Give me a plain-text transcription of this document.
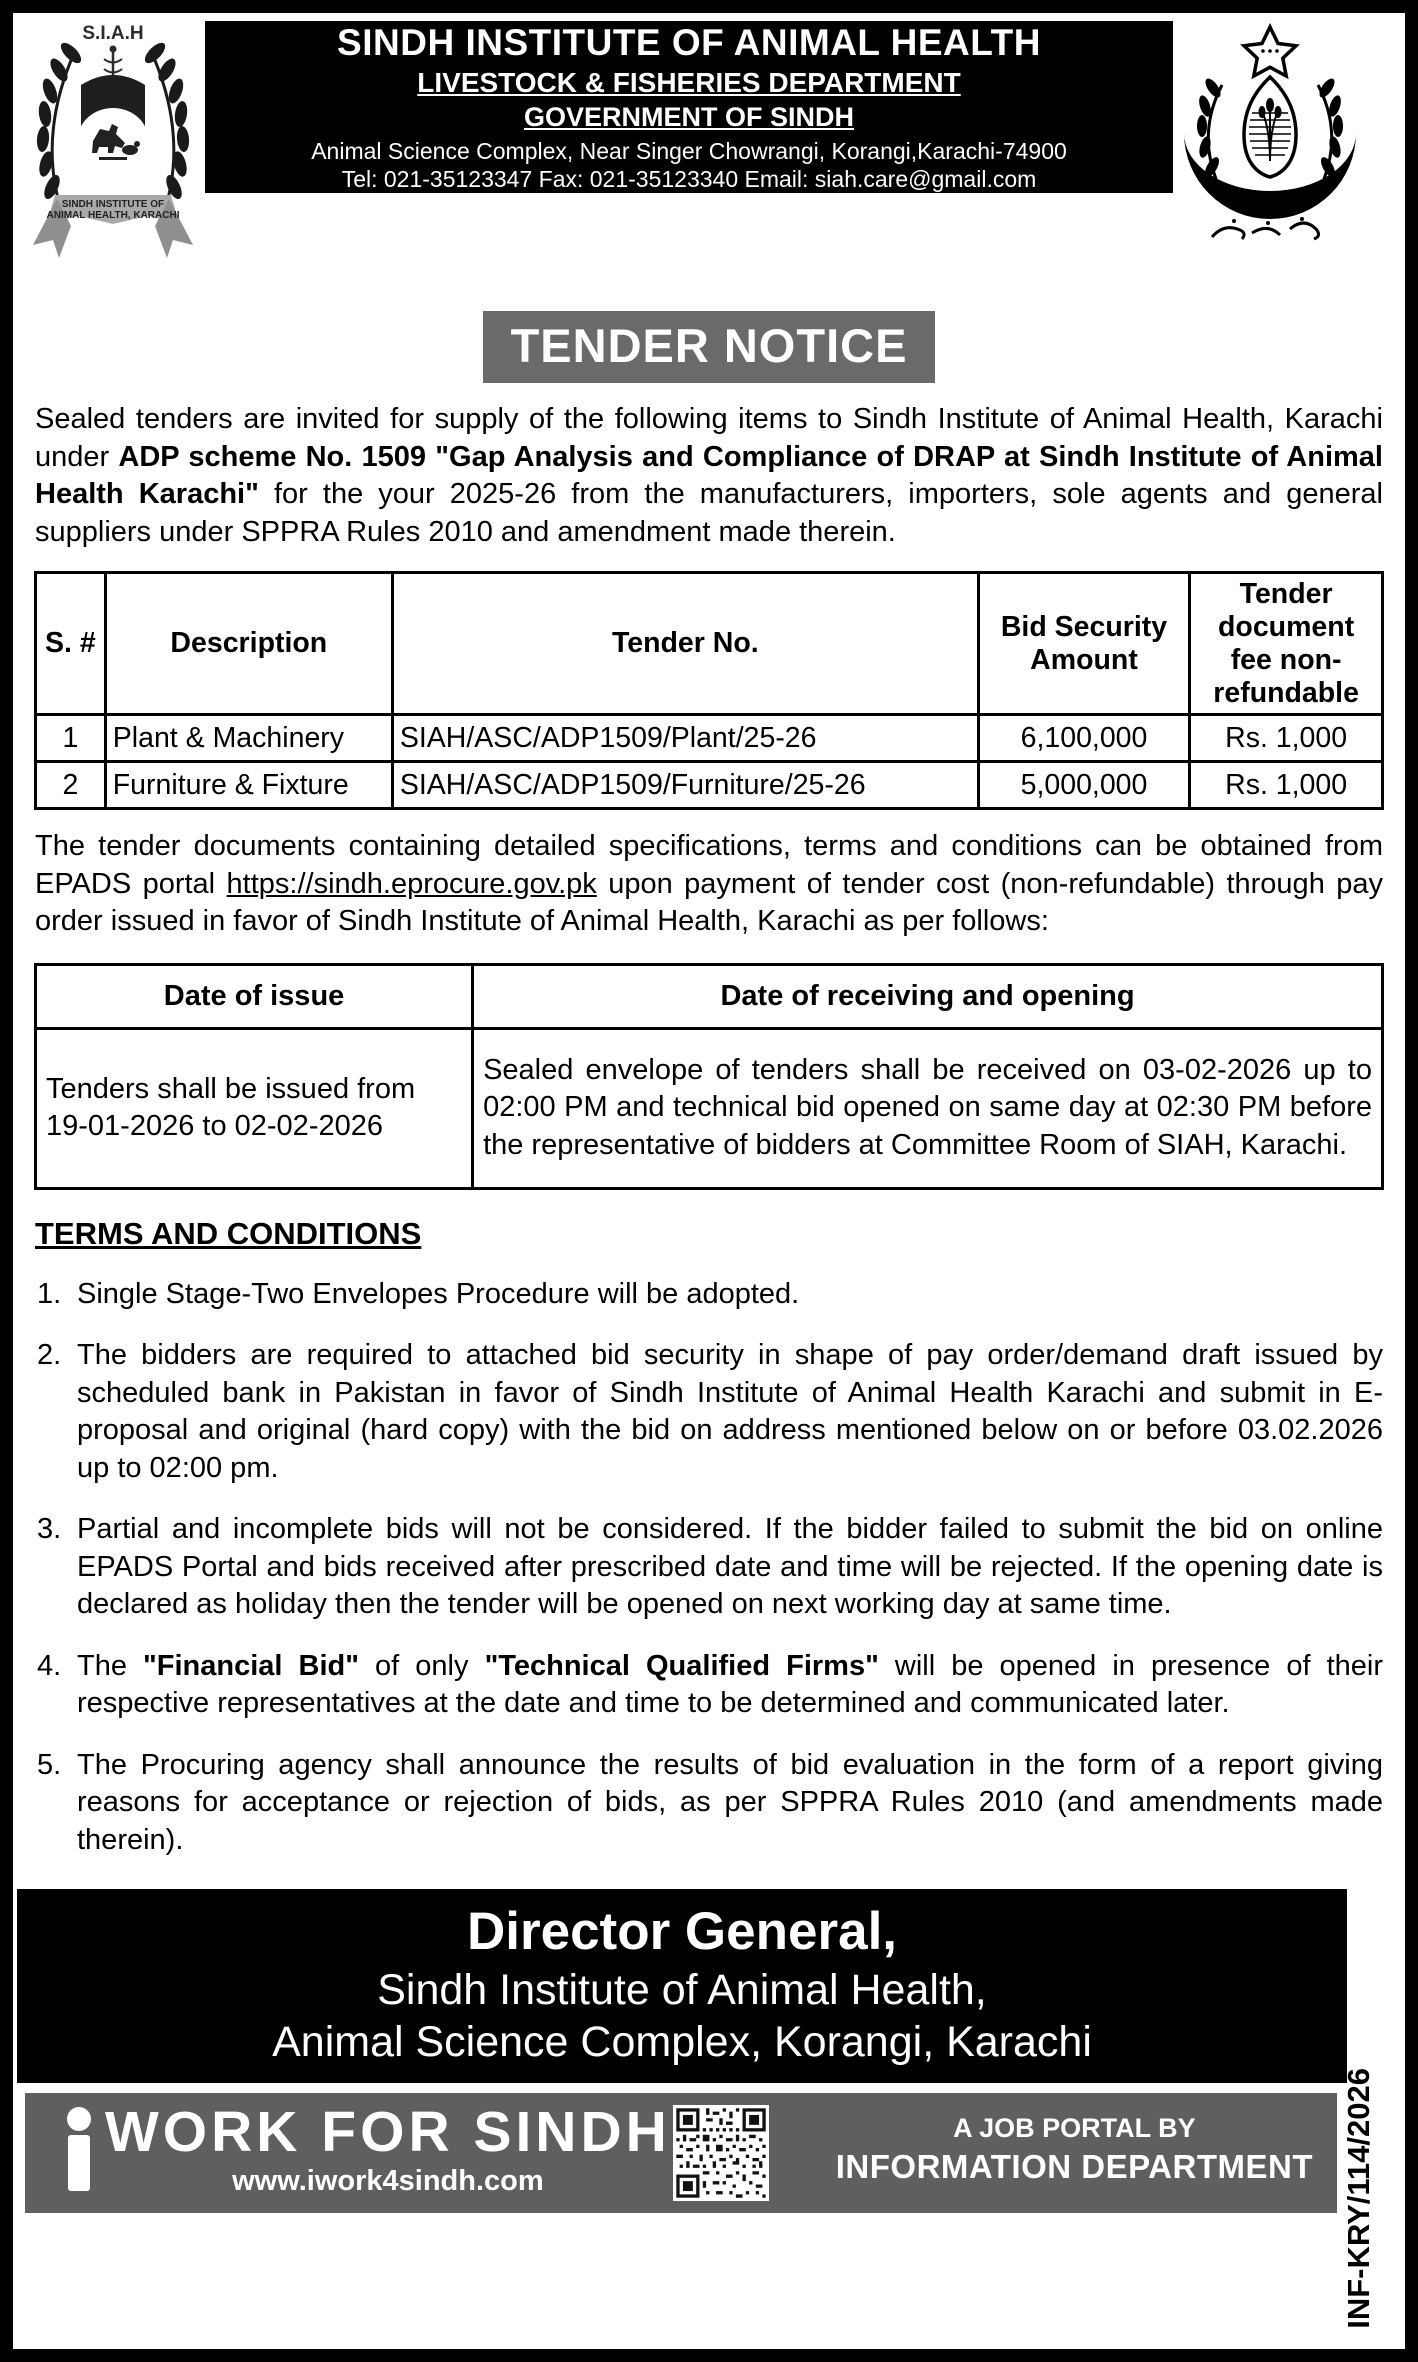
S.I.A.H
SINDH INSTITUTE OF
ANIMAL HEALTH, KARACHI
SINDH INSTITUTE OF ANIMAL HEALTH
LIVESTOCK & FISHERIES DEPARTMENT
GOVERNMENT OF SINDH
Animal Science Complex, Near Singer Chowrangi, Korangi,Karachi-74900
Tel: 021-35123347 Fax: 021-35123340 Email: siah.care@gmail.com
TENDER NOTICE
Sealed tenders are invited for supply of the following items to Sindh Institute of Animal Health, Karachi under ADP scheme No. 1509 "Gap Analysis and Compliance of DRAP at Sindh Institute of Animal Health Karachi" for the your 2025-26 from the manufacturers, importers, sole agents and general suppliers under SPPRA Rules 2010 and amendment made therein.
S. #	Description	Tender No.	Bid Security Amount	Tender document fee non-refundable
1	Plant & Machinery	SIAH/ASC/ADP1509/Plant/25-26	6,100,000	Rs. 1,000
2	Furniture & Fixture	SIAH/ASC/ADP1509/Furniture/25-26	5,000,000	Rs. 1,000
The tender documents containing detailed specifications, terms and conditions can be obtained from EPADS portal https://sindh.eprocure.gov.pk upon payment of tender cost (non-refundable) through pay order issued in favor of Sindh Institute of Animal Health, Karachi as per follows:
Date of issue	Date of receiving and opening
Tenders shall be issued from 19-01-2026 to 02-02-2026	Sealed envelope of tenders shall be received on 03-02-2026 up to 02:00 PM and technical bid opened on same day at 02:30 PM before the representative of bidders at Committee Room of SIAH, Karachi.
TERMS AND CONDITIONS
1. Single Stage-Two Envelopes Procedure will be adopted.
2. The bidders are required to attached bid security in shape of pay order/demand draft issued by scheduled bank in Pakistan in favor of Sindh Institute of Animal Health Karachi and submit in E-proposal and original (hard copy) with the bid on address mentioned below on or before 03.02.2026 up to 02:00 pm.
3. Partial and incomplete bids will not be considered. If the bidder failed to submit the bid on online EPADS Portal and bids received after prescribed date and time will be rejected. If the opening date is declared as holiday then the tender will be opened on next working day at same time.
4. The "Financial Bid" of only "Technical Qualified Firms" will be opened in presence of their respective representatives at the date and time to be determined and communicated later.
5. The Procuring agency shall announce the results of bid evaluation in the form of a report giving reasons for acceptance or rejection of bids, as per SPPRA Rules 2010 (and amendments made therein).
Director General,
Sindh Institute of Animal Health,
Animal Science Complex, Korangi, Karachi
WORK FOR SINDH
www.iwork4sindh.com
A JOB PORTAL BY
INFORMATION DEPARTMENT INF-KRY/114/2026
